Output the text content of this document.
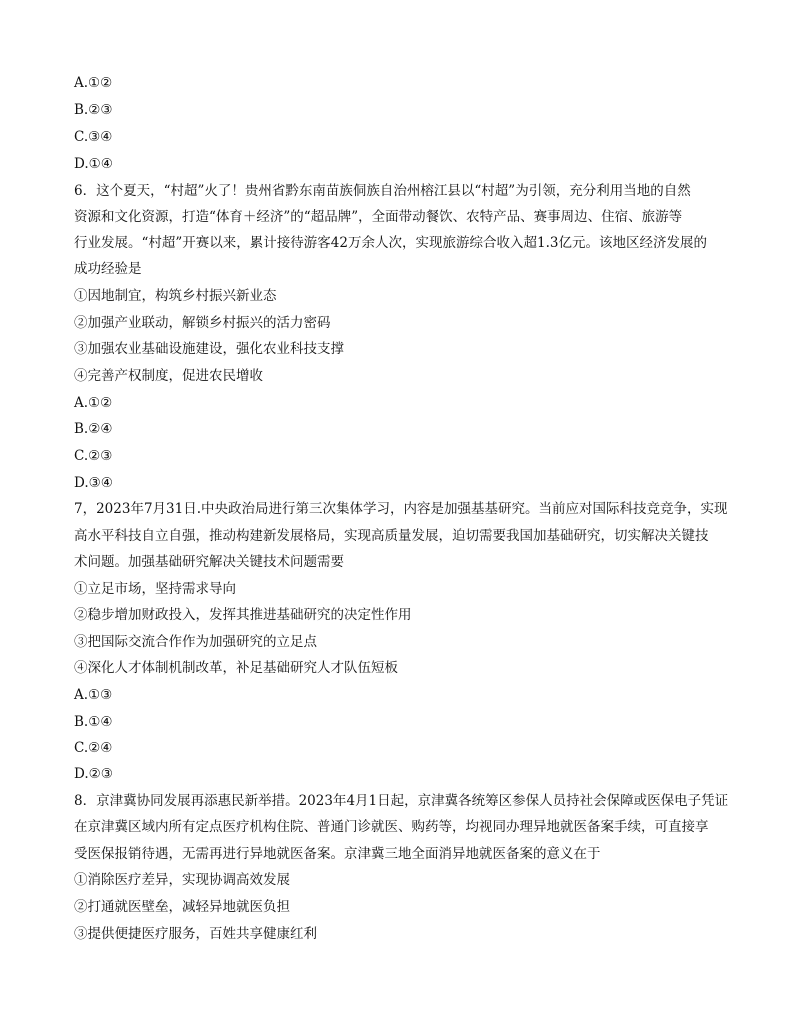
A.①②
B.②③
C.③④
D.①④
6．这个夏天，“村超”火了！贵州省黔东南苗族侗族自治州榕江县以“村超”为引领，充分利用当地的自然
资源和文化资源，打造“体育＋经济”的“超品牌”，全面带动餐饮、农特产品、赛事周边、住宿、旅游等
行业发展。“村超”开赛以来，累计接待游客42万余人次，实现旅游综合收入超1.3亿元。该地区经济发展的
成功经验是
①因地制宜，构筑乡村振兴新业态
②加强产业联动，解锁乡村振兴的活力密码
③加强农业基础设施建设，强化农业科技支撑
④完善产权制度，促进农民增收
A.①②
B.②④
C.②③
D.③④
7，2023年7月31日.中央政治局进行第三次集体学习，内容是加强基基研究。当前应对国际科技竞竞争，实现
高水平科技自立自强，推动构建新发展格局，实现高质量发展，迫切需要我国加基础研究，切实解决关键技
术问题。加强基础研究解决关键技术问题需要
①立足市场，坚持需求导向
②稳步增加财政投入，发挥其推进基础研究的决定性作用
③把国际交流合作作为加强研究的立足点
④深化人才体制机制改革，补足基础研究人才队伍短板
A.①③
B.①④
C.②④
D.②③
8．京津冀协同发展再添惠民新举措。2023年4月1日起，京津冀各统筹区参保人员持社会保障或医保电子凭证
在京津冀区域内所有定点医疗机构住院、普通门诊就医、购药等，均视同办理异地就医备案手续，可直接享
受医保报销待遇，无需再进行异地就医备案。京津冀三地全面消异地就医备案的意义在于
①消除医疗差异，实现协调高效发展
②打通就医壁垒，减轻异地就医负担
③提供便捷医疗服务，百姓共享健康红利
